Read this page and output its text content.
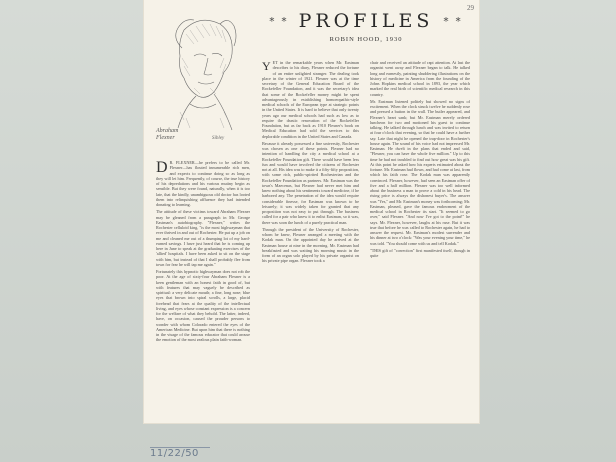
29
Abraham
Flexner	Sibley
* * PROFILES * *
ROBIN HOOD, 1930

D R. FLEXNER—he prefers to be called Mr. Flexner—has flouted innumerable rich men, and expects to continue doing so as long as they will let him. Frequently, of course, the true history of his depredations and his various mutiny begin as sensible. But they were found, naturally, when it is too late, that the kindly, unambiguous old doctor has looted them into relinquishing affluence they had intended donating to learning.

The attitude of these victims toward Abraham Flexner may be gleaned from a paragraph in Mr. George Eastman's autobiography. "Flexner," writes the Rochester celluloid king, "is the most highwayman that ever thrived in and out of Rochester. He put up a job on me and cleaned me out of a thumping lot of my hard-earned savings. I have just heard that he is coming up here in June to speak at the graduating exercises of the 'allied' hospitals. I have been asked to sit on the stage with him, but instead of that I shall probably flee from town for fear he will tap me again."

Fortunately this hypnotic highwayman does not rob the poor. At the age of sixty-four Abraham Flexner is a keen gentleman with an honest faith in good of, but with features that may vaguely be described as spiritual: a very delicate mouth; a fine, long nose; blue eyes that brown into spiral scrolls, a large, placid forehead that fears at the quality of the intellectual living, and eyes whose constant expression is a concern for the welfare of what they behold. The latter, indeed, have, on occasion, caused the prouder persons to wonder with whom Colorado entered the eyes of the American Medicine. But upon him that there is nothing in the visage of the famous educator that could arouse the emotion of the most zealous plain faith-woman.

YET in the remarkable years when Mr. Eastman describes to his diary, Flexner reduced the fortune of an entire unlighted stranger. The dealing took place in the winter of 1921. Flexner was at the time secretary of the General Education Board of the Rockefeller Foundation, and it was the secretary's idea that some of the Rockefeller money might be spent advantageously in establishing homoeopathic-style medical schools of the European type at strategic points in the United States. It is hard to believe that only twenty years ago our medical schools had such as low as to require the drastic renovation of the Rockefeller Foundation, but as far back as 1910 Flexner's book on Medical Education had sold the services to this deplorable condition in the United States and Canada.

Because it already possessed a fine university, Rochester was chosen as one of these points. Flexner had no intention of handling the city a medical school at a Rockefeller Foundation gift. There would have been less fun and would have involved the citizens of Rochester not at all. His idea was to make it a fifty-fifty proposition, with some rich, public-spirited Rochesterian and the Rockefeller Foundation as partners. Mr. Eastman was the town's Maecenas, but Flexner had never met him and knew nothing about his sentiments toward medicine, if he harbored any. The penetration of the idea would require considerable finesse, for Eastman was known to be leisurely; it was widely taken for granted that any proposition was not easy to put through. The business called for a pair who knew it to enlist Eastman, so it was, there was soon the lunch of a purely practical man.

Through the president of the University of Rochester, whom he knew, Flexner arranged a meeting with the Kodak man. On the appointed day he arrived at the Eastman house at nine in the morning. Mr. Eastman had breakfasted and was waiting his morning music in the form of an organ solo played by his private organist on his private pipe organ. Flexner took a

chair and received an attitude of rapt attention. At last the organist went away and Flexner began to talk. He talked long and earnestly, painting shuddering illustrations on the history of medicine in America from the founding of the Johns Hopkins medical school in 1893, the year which marked the real birth of scientific medical research in this country.

Mr. Eastman listened politely but showed no signs of excitement. When the clock struck twelve he suddenly rose and pressed a button in the wall. The butler appeared, and Flexner's heart sank; but Mr. Eastman merely ordered luncheon for two and motioned his guest to continue talking. He talked through lunch and was invited to return at four o'clock that evening, so that he could have a further say. Late that night he opened the trap-door in Rochester's house again. The sound of his voice had not impressed Mr. Eastman. He dwelt in the plans that ended and said, "Flexner, you can have the whole five million." Up to this time he had not troubled to find out how great was his gift. At this point he asked how his experts estimated about the fortune. Mr. Eastman had flown, and had come at last, from which his faith rose. The Kodak man was apparently convinced. Flexner, however, had seen an Eastman offer of five and a half million. Flexner was too well informed about the business a man to prove a cold in his head. The rising price is always the dishonest buyer's. The answer was "Yes," and Mr. Eastman's money was forthcoming; Mr. Eastman, pleased, gave the famous endowment of the medical school in Rochester its start. "It seemed to go over," said Flexner. "And now I've got to the point!" he says. Mr. Flexner, however, laughs at his ruse. But it was true that before he was called to Rochester again, he had to answer the request. Mr. Eastman's modest surrender and his dinner at two o'clock: "Was your evening your time," he was told. "You should come with us and tell Kodak."

"THIS gift of "correction" first manifested itself, though in quite

11/22/50
